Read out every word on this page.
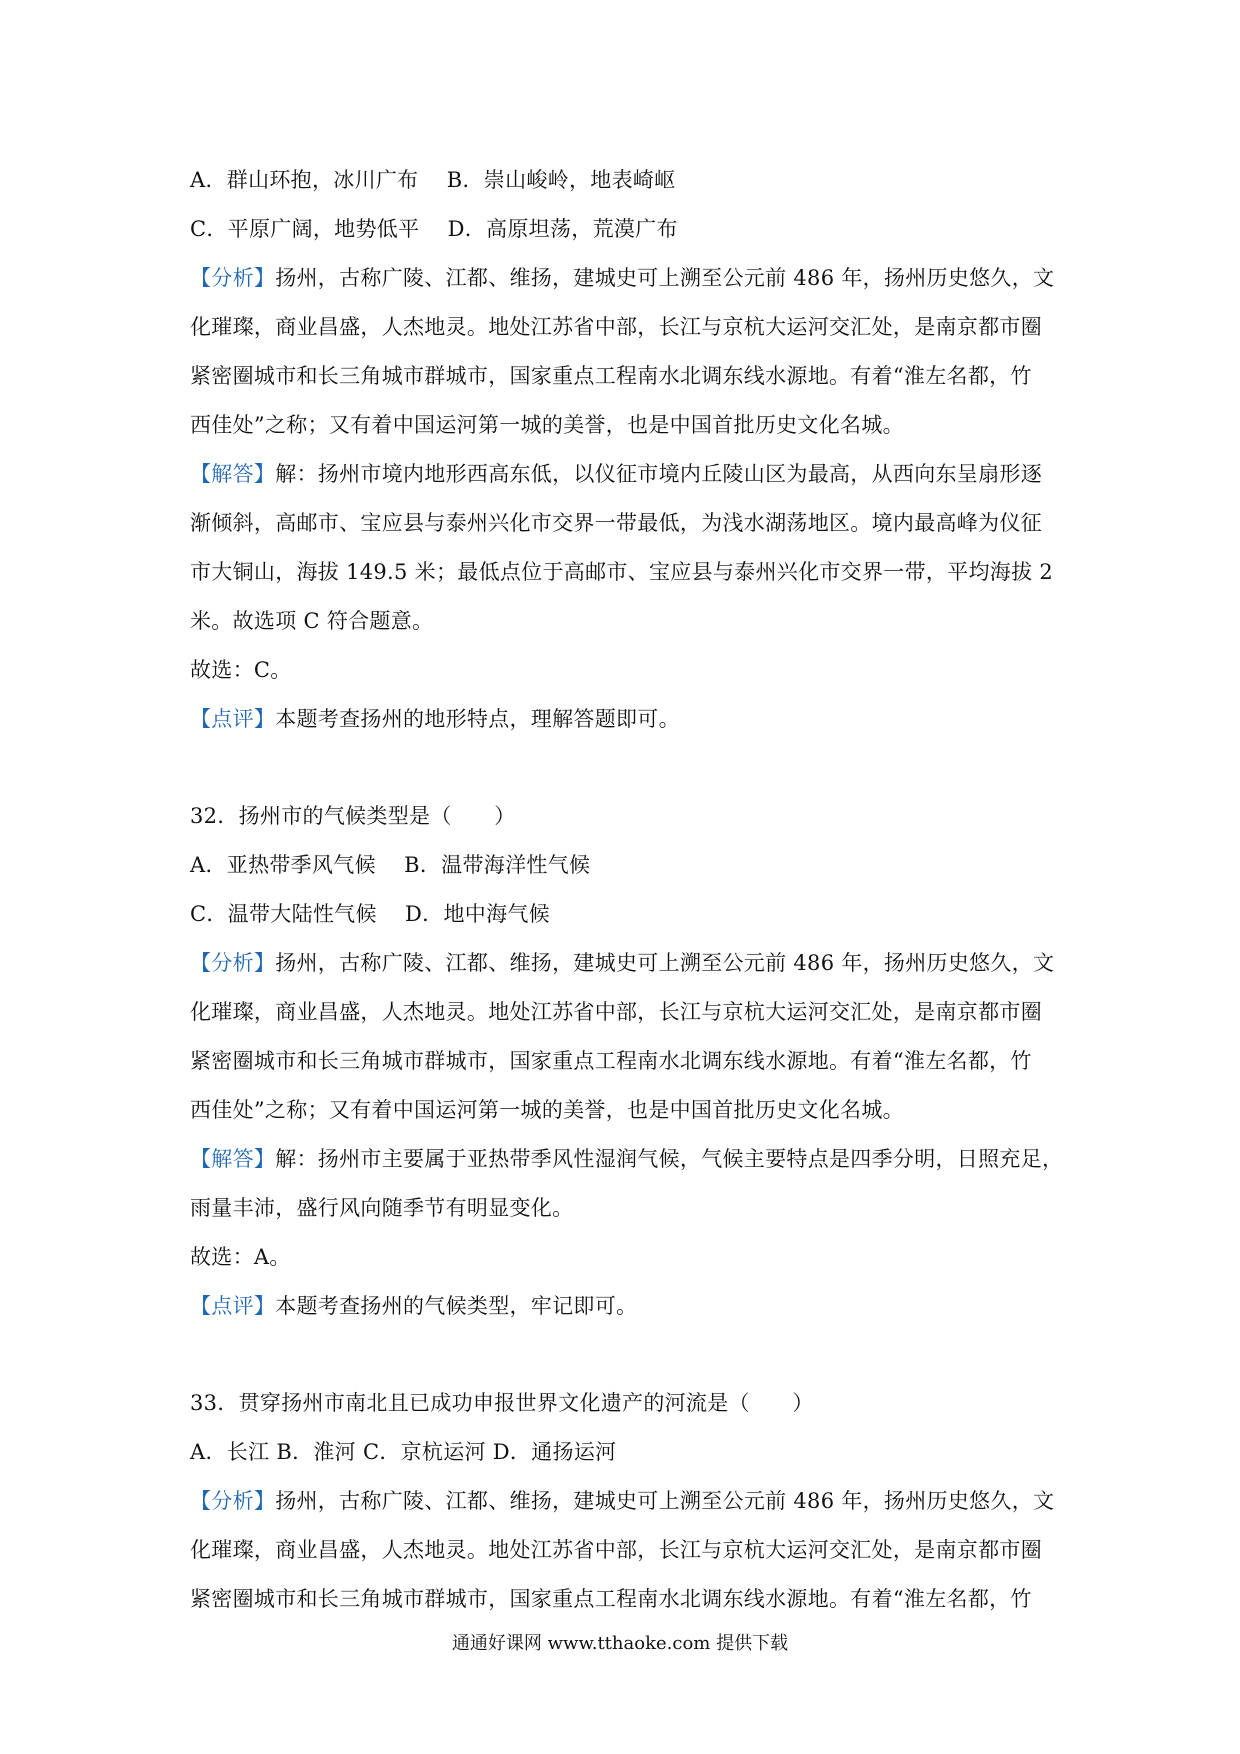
A．群山环抱，冰川广布　 B．崇山峻岭，地表崎岖
C．平原广阔，地势低平　 D．高原坦荡，荒漠广布
【分析】扬州，古称广陵、江都、维扬，建城史可上溯至公元前 486 年，扬州历史悠久，文
化璀璨，商业昌盛，人杰地灵。地处江苏省中部，长江与京杭大运河交汇处，是南京都市圈
紧密圈城市和长三角城市群城市，国家重点工程南水北调东线水源地。有着“淮左名都，竹
西佳处”之称；又有着中国运河第一城的美誉，也是中国首批历史文化名城。
【解答】解：扬州市境内地形西高东低，以仪征市境内丘陵山区为最高，从西向东呈扇形逐
渐倾斜，高邮市、宝应县与泰州兴化市交界一带最低，为浅水湖荡地区。境内最高峰为仪征
市大铜山，海拔 149.5 米；最低点位于高邮市、宝应县与泰州兴化市交界一带，平均海拔 2
米。故选项 C 符合题意。
故选：C。
【点评】本题考查扬州的地形特点，理解答题即可。
32．扬州市的气候类型是（　　）
A．亚热带季风气候　 B．温带海洋性气候
C．温带大陆性气候　 D．地中海气候
【分析】扬州，古称广陵、江都、维扬，建城史可上溯至公元前 486 年，扬州历史悠久，文
化璀璨，商业昌盛，人杰地灵。地处江苏省中部，长江与京杭大运河交汇处，是南京都市圈
紧密圈城市和长三角城市群城市，国家重点工程南水北调东线水源地。有着“淮左名都，竹
西佳处”之称；又有着中国运河第一城的美誉，也是中国首批历史文化名城。
【解答】解：扬州市主要属于亚热带季风性湿润气候，气候主要特点是四季分明，日照充足，
雨量丰沛，盛行风向随季节有明显变化。
故选：A。
【点评】本题考查扬州的气候类型，牢记即可。
33．贯穿扬州市南北且已成功申报世界文化遗产的河流是（　　）
A．长江 B．淮河 C．京杭运河 D．通扬运河
【分析】扬州，古称广陵、江都、维扬，建城史可上溯至公元前 486 年，扬州历史悠久，文
化璀璨，商业昌盛，人杰地灵。地处江苏省中部，长江与京杭大运河交汇处，是南京都市圈
紧密圈城市和长三角城市群城市，国家重点工程南水北调东线水源地。有着“淮左名都，竹
通通好课网 www.tthaoke.com 提供下载
